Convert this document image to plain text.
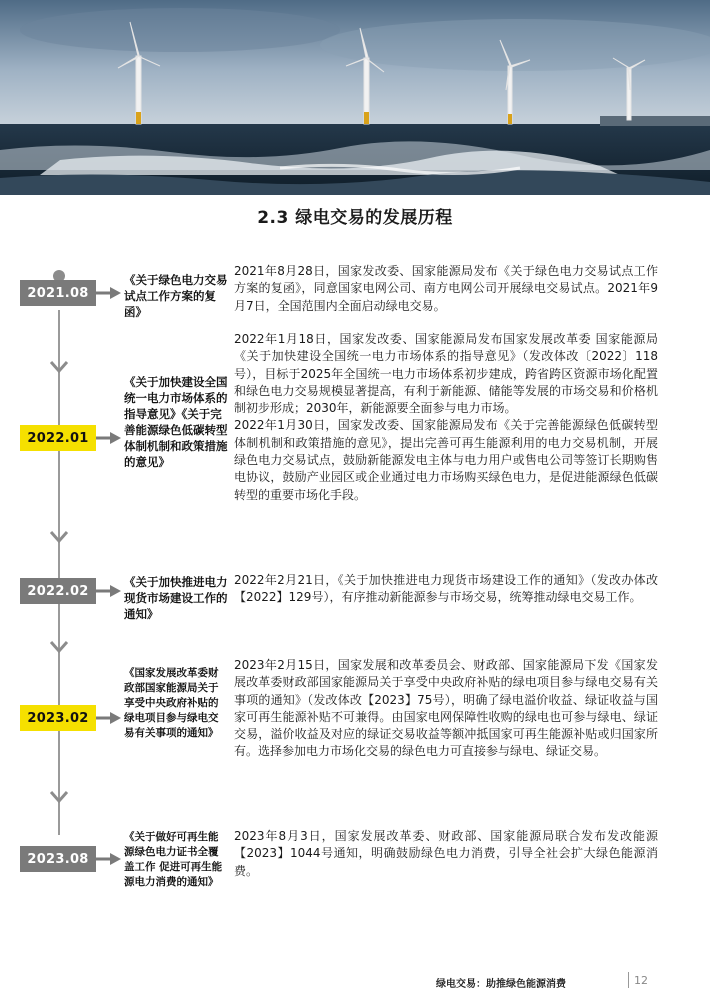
2.3 绿电交易的发展历程
2021.08
《关于绿色电力交易试点工作方案的复函》

2021年8月28日，国家发改委、国家能源局发布《关于绿色电力交易试点工作方案的复函》，同意国家电网公司、南方电网公司开展绿电交易试点。2021年9月7日，全国范围内全面启动绿电交易。

2022.01
《关于加快建设全国统一电力市场体系的指导意见》《关于完善能源绿色低碳转型体制机制和政策措施的意见》

2022年1月18日，国家发改委、国家能源局发布国家发展改革委 国家能源局《关于加快建设全国统一电力市场体系的指导意见》（发改体改〔2022〕118号），目标于2025年全国统一电力市场体系初步建成，跨省跨区资源市场化配置和绿色电力交易规模显著提高，有利于新能源、储能等发展的市场交易和价格机制初步形成；2030年，新能源要全面参与电力市场。

2022年1月30日，国家发改委、国家能源局发布《关于完善能源绿色低碳转型体制机制和政策措施的意见》，提出完善可再生能源利用的电力交易机制，开展绿色电力交易试点，鼓励新能源发电主体与电力用户或售电公司等签订长期购售电协议，鼓励产业园区或企业通过电力市场购买绿色电力，是促进能源绿色低碳转型的重要市场化手段。

2022.02
《关于加快推进电力现货市场建设工作的通知》

2022年2月21日，《关于加快推进电力现货市场建设工作的通知》（发改办体改【2022】129号），有序推动新能源参与市场交易，统筹推动绿电交易工作。

2023.02
《国家发展改革委财政部国家能源局关于享受中央政府补贴的绿电项目参与绿电交易有关事项的通知》

2023年2月15日，国家发展和改革委员会、财政部、国家能源局下发《国家发展改革委财政部国家能源局关于享受中央政府补贴的绿电项目参与绿电交易有关事项的通知》（发改体改【2023】75号），明确了绿电溢价收益、绿证收益与国家可再生能源补贴不可兼得。由国家电网保障性收购的绿电也可参与绿电、绿证交易，溢价收益及对应的绿证交易收益等额冲抵国家可再生能源补贴或归国家所有。选择参加电力市场化交易的绿色电力可直接参与绿电、绿证交易。

2023.08
《关于做好可再生能源绿色电力证书全覆盖工作 促进可再生能源电力消费的通知》

2023年8月3日，国家发展改革委、财政部、国家能源局联合发布发改能源【2023】1044号通知，明确鼓励绿色电力消费，引导全社会扩大绿色能源消费。

绿电交易：助推绿色能源消费	12
